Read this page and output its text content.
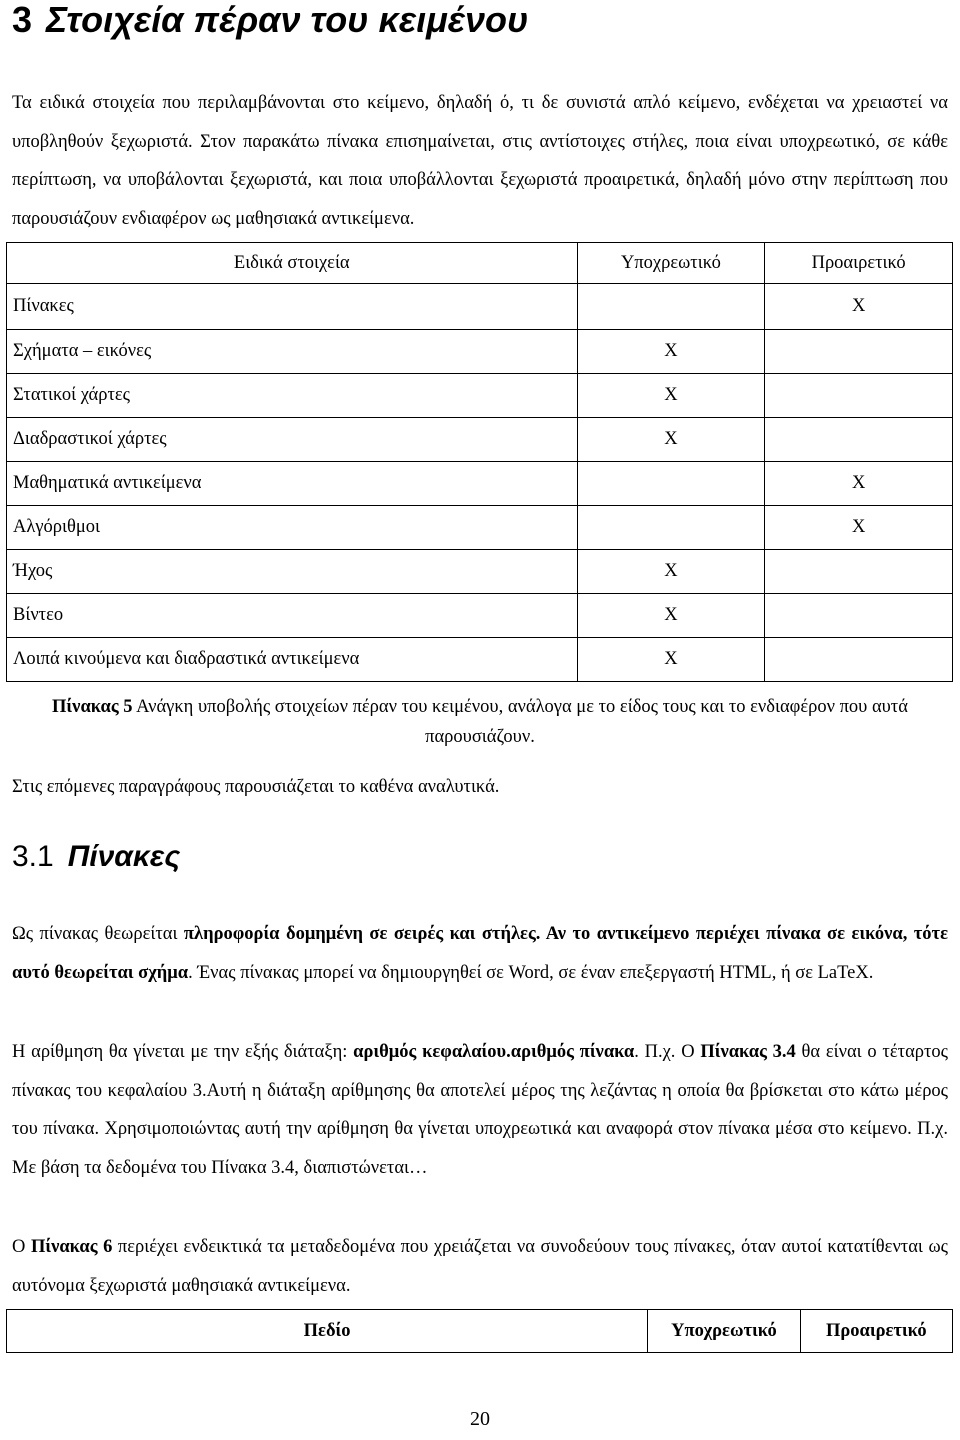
3 Στοιχεία πέραν του κειμένου
Τα ειδικά στοιχεία που περιλαμβάνονται στο κείμενο, δηλαδή ό, τι δε συνιστά απλό κείμενο, ενδέχεται να χρειαστεί να υποβληθούν ξεχωριστά. Στον παρακάτω πίνακα επισημαίνεται, στις αντίστοιχες στήλες, ποια είναι υποχρεωτικό, σε κάθε περίπτωση, να υποβάλονται ξεχωριστά, και ποια υποβάλλονται ξεχωριστά προαιρετικά, δηλαδή μόνο στην περίπτωση που παρουσιάζουν ενδιαφέρον ως μαθησιακά αντικείμενα.
Ειδικά στοιχεία	Υποχρεωτικό	Προαιρετικό
Πίνακες		X
Σχήματα – εικόνες	X	
Στατικοί χάρτες	X	
Διαδραστικοί χάρτες	X	
Μαθηματικά αντικείμενα		X
Αλγόριθμοι		X
Ήχος	X	
Βίντεο	X	
Λοιπά κινούμενα και διαδραστικά αντικείμενα	X	
Πίνακας 5 Ανάγκη υποβολής στοιχείων πέραν του κειμένου, ανάλογα με το είδος τους και το ενδιαφέρον που αυτά παρουσιάζουν.
Στις επόμενες παραγράφους παρουσιάζεται το καθένα αναλυτικά.
3.1 Πίνακες
Ως πίνακας θεωρείται πληροφορία δομημένη σε σειρές και στήλες. Αν το αντικείμενο περιέχει πίνακα σε εικόνα, τότε αυτό θεωρείται σχήμα. Ένας πίνακας μπορεί να δημιουργηθεί σε Word, σε έναν επεξεργαστή HTML, ή σε LaTeX.
Η αρίθμηση θα γίνεται με την εξής διάταξη: αριθμός κεφαλαίου.αριθμός πίνακα. Π.χ. Ο Πίνακας 3.4 θα είναι ο τέταρτος πίνακας του κεφαλαίου 3.Αυτή η διάταξη αρίθμησης θα αποτελεί μέρος της λεζάντας η οποία θα βρίσκεται στο κάτω μέρος του πίνακα. Χρησιμοποιώντας αυτή την αρίθμηση θα γίνεται υποχρεωτικά και αναφορά στον πίνακα μέσα στο κείμενο. Π.χ. Με βάση τα δεδομένα του Πίνακα 3.4, διαπιστώνεται…
Ο Πίνακας 6 περιέχει ενδεικτικά τα μεταδεδομένα που χρειάζεται να συνοδεύουν τους πίνακες, όταν αυτοί κατατίθενται ως αυτόνομα ξεχωριστά μαθησιακά αντικείμενα.
Πεδίο	Υποχρεωτικό	Προαιρετικό
20
